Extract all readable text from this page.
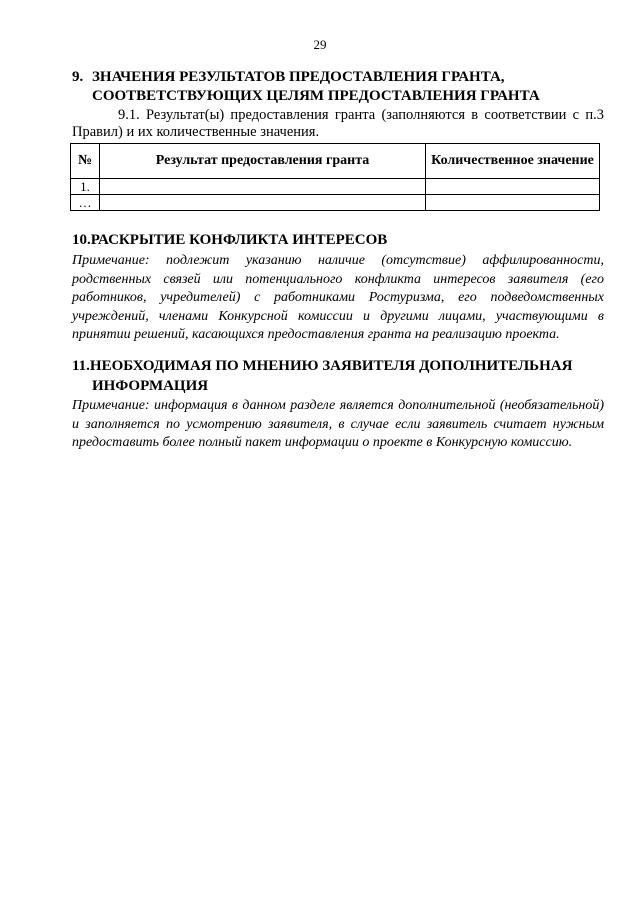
29
9. ЗНАЧЕНИЯ РЕЗУЛЬТАТОВ ПРЕДОСТАВЛЕНИЯ ГРАНТА,
СООТВЕТСТВУЮЩИХ ЦЕЛЯМ ПРЕДОСТАВЛЕНИЯ ГРАНТА
9.1. Результат(ы) предоставления гранта (заполняются в соответствии с п.3
Правил) и их количественные значения.
№	Результат предоставления гранта	Количественное значение
1.		
…		
10.РАСКРЫТИЕ КОНФЛИКТА ИНТЕРЕСОВ
Примечание: подлежит указанию наличие (отсутствие) аффилированности, родственных связей или потенциального конфликта интересов заявителя (его работников, учредителей) с работниками Ростуризма, его подведомственных учреждений, членами Конкурсной комиссии и другими лицами, участвующими в принятии решений, касающихся предоставления гранта на реализацию проекта.
11.НЕОБХОДИМАЯ ПО МНЕНИЮ ЗАЯВИТЕЛЯ ДОПОЛНИТЕЛЬНАЯ
ИНФОРМАЦИЯ
Примечание: информация в данном разделе является дополнительной (необязательной) и заполняется по усмотрению заявителя, в случае если заявитель считает нужным предоставить более полный пакет информации о проекте в Конкурсную комиссию.
